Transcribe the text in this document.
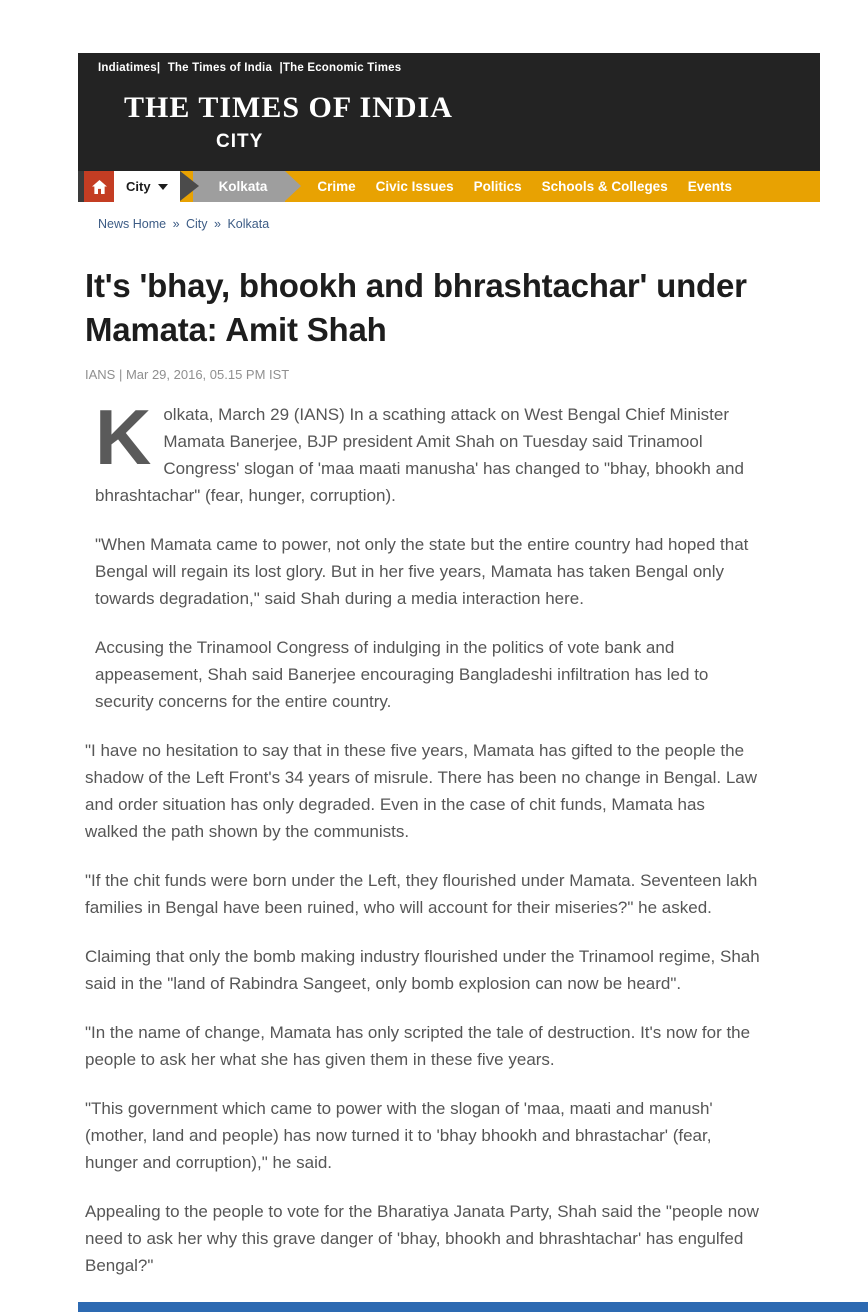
Indiatimes| The Times of India |The Economic Times
THE TIMES OF INDIA
CITY
City	Kolkata	Crime Civic Issues Politics Schools & Colleges Events
News Home » City » Kolkata
It's 'bhay, bhookh and bhrashtachar' under Mamata: Amit Shah
IANS | Mar 29, 2016, 05.15 PM IST

Kolkata, March 29 (IANS) In a scathing attack on West Bengal Chief Minister Mamata Banerjee, BJP president Amit Shah on Tuesday said Trinamool Congress' slogan of 'maa maati manusha' has changed to "bhay, bhookh and bhrashtachar" (fear, hunger, corruption).

"When Mamata came to power, not only the state but the entire country had hoped that Bengal will regain its lost glory. But in her five years, Mamata has taken Bengal only towards degradation," said Shah during a media interaction here.

Accusing the Trinamool Congress of indulging in the politics of vote bank and appeasement, Shah said Banerjee encouraging Bangladeshi infiltration has led to security concerns for the entire country.

"I have no hesitation to say that in these five years, Mamata has gifted to the people the shadow of the Left Front's 34 years of misrule. There has been no change in Bengal. Law and order situation has only degraded. Even in the case of chit funds, Mamata has walked the path shown by the communists.

"If the chit funds were born under the Left, they flourished under Mamata. Seventeen lakh families in Bengal have been ruined, who will account for their miseries?" he asked.

Claiming that only the bomb making industry flourished under the Trinamool regime, Shah said in the "land of Rabindra Sangeet, only bomb explosion can now be heard".

"In the name of change, Mamata has only scripted the tale of destruction. It's now for the people to ask her what she has given them in these five years.

"This government which came to power with the slogan of 'maa, maati and manush' (mother, land and people) has now turned it to 'bhay bhookh and bhrastachar' (fear, hunger and corruption)," he said.

Appealing to the people to vote for the Bharatiya Janata Party, Shah said the "people now need to ask her why this grave danger of 'bhay, bhookh and bhrashtachar' has engulfed Bengal?"
